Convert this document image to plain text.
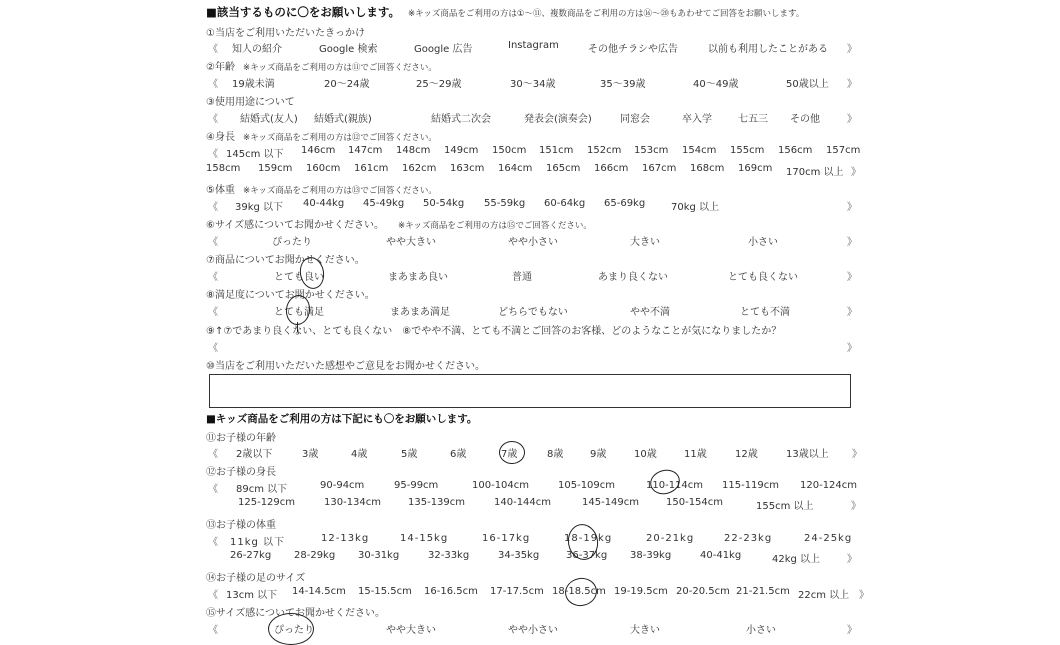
■該当するものに〇をお願いします。 ※キッズ商品をご利用の方は①〜⑪、複数商品をご利用の方は⑯〜⑳もあわせてご回答をお願いします。
①当店をご利用いただいたきっかけ
《 知人の紹介	Google 検索	Google 広告	Instagram	その他チラシや広告	以前も利用したことがある 》
②年齢 ※キッズ商品をご利用の方は⑪でご回答ください。
《 19歳未満	20〜24歳	25〜29歳	30〜34歳	35〜39歳	40〜49歳	50歳以上 》
③使用用途について
《 結婚式(友人) 結婚式(親族)	結婚式二次会	発表会(演奏会)	同窓会	卒入学	七五三 その他	》
④身長 ※キッズ商品をご利用の方は⑫でご回答ください。
《 145cm 以下 146cm 147cm 148cm 149cm 150cm 151cm 152cm 153cm 154cm 155cm 156cm 157cm
158cm 159cm 160cm 161cm 162cm 163cm 164cm 165cm 166cm 167cm 168cm 169cm 170cm 以上 》
⑤体重 ※キッズ商品をご利用の方は⑬でご回答ください。
《 39kg 以下 40-44kg 45-49kg 50-54kg 55-59kg 60-64kg 65-69kg	70kg 以上	》
⑥サイズ感についてお聞かせください。 ※キッズ商品をご利用の方は⑮でご回答ください。
《	ぴったり	やや大きい	やや小さい	大きい	小さい	》
⑦商品についてお聞かせください。
《	とても良い	まあまあ良い	普通	あまり良くない	とても良くない	》
⑧満足度についてお聞かせください。
《	とても満足	まあまあ満足	どちらでもない	やや不満	とても不満	》
⑨↑⑦であまり良くない、とても良くない　⑧でやや不満、とても不満とご回答のお客様、どのようなことが気になりましたか？
《	》
⑩当店をご利用いただいた感想やご意見をお聞かせください。
■キッズ商品をご利用の方は下記にも〇をお願いします。
⑪お子様の年齢
《 2歳以下	3歳	4歳	5歳	6歳	7歳	8歳	9歳	10歳	11歳	12歳	13歳以上 》
⑫お子様の身長
《 89cm 以下	90-94cm	95-99cm	100-104cm	105-109cm	110-114cm 115-119cm 120-124cm
125-129cm	130-134cm	135-139cm	140-144cm	145-149cm	150-154cm	155cm 以上	》
⑬お子様の体重
《 11kg 以下	12-13kg	14-15kg	16-17kg	18-19kg	20-21kg	22-23kg	24-25kg
26-27kg 28-29kg 30-31kg	32-33kg	34-35kg	36-37kg 38-39kg	40-41kg	42kg 以上	》
⑭お子様の足のサイズ
《 13cm 以下 14-14.5cm 15-15.5cm 16-16.5cm 17-17.5cm 18-18.5cm 19-19.5cm 20-20.5cm 21-21.5cm 22cm 以上 》
⑮サイズ感についてお聞かせください。
《	ぴったり	やや大きい	やや小さい	大きい	小さい	》
